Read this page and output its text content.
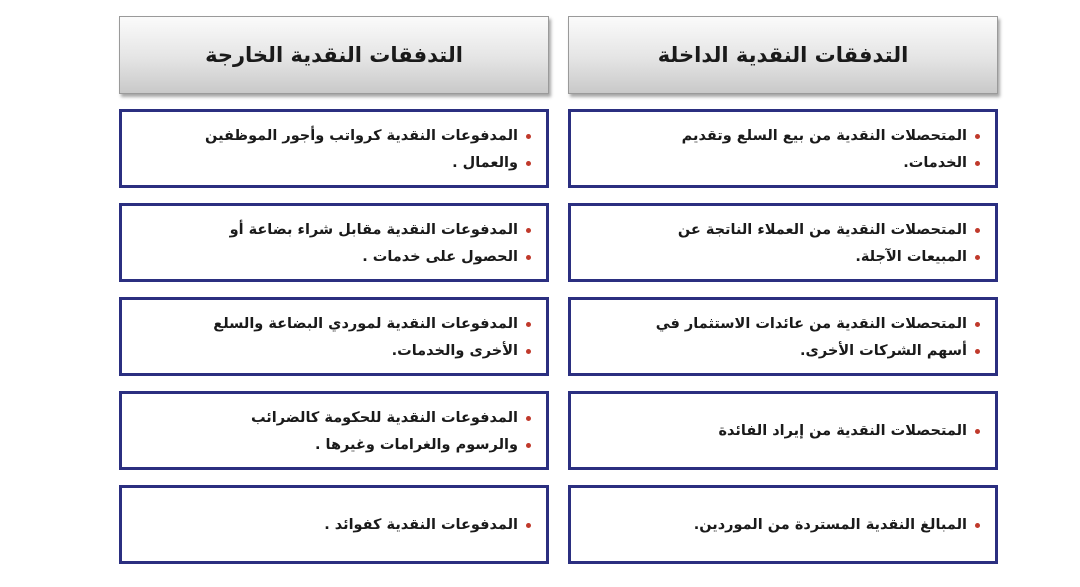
التدفقات النقدية الداخلة
المتحصلات النقدية من بيع السلع وتقديم
الخدمات.
المتحصلات النقدية من العملاء الناتجة عن
المبيعات الآجلة.
المتحصلات النقدية من عائدات الاستثمار في
أسهم الشركات الأخرى.
المتحصلات النقدية من إيراد الفائدة
المبالغ النقدية المستردة من الموردين.
التدفقات النقدية الخارجة
المدفوعات النقدية كرواتب وأجور الموظفين
والعمال .
المدفوعات النقدية مقابل شراء بضاعة أو
الحصول على خدمات .
المدفوعات النقدية لموردي البضاعة والسلع
الأخرى والخدمات.
المدفوعات النقدية للحكومة كالضرائب
والرسوم والغرامات وغيرها .
المدفوعات النقدية كفوائد .
